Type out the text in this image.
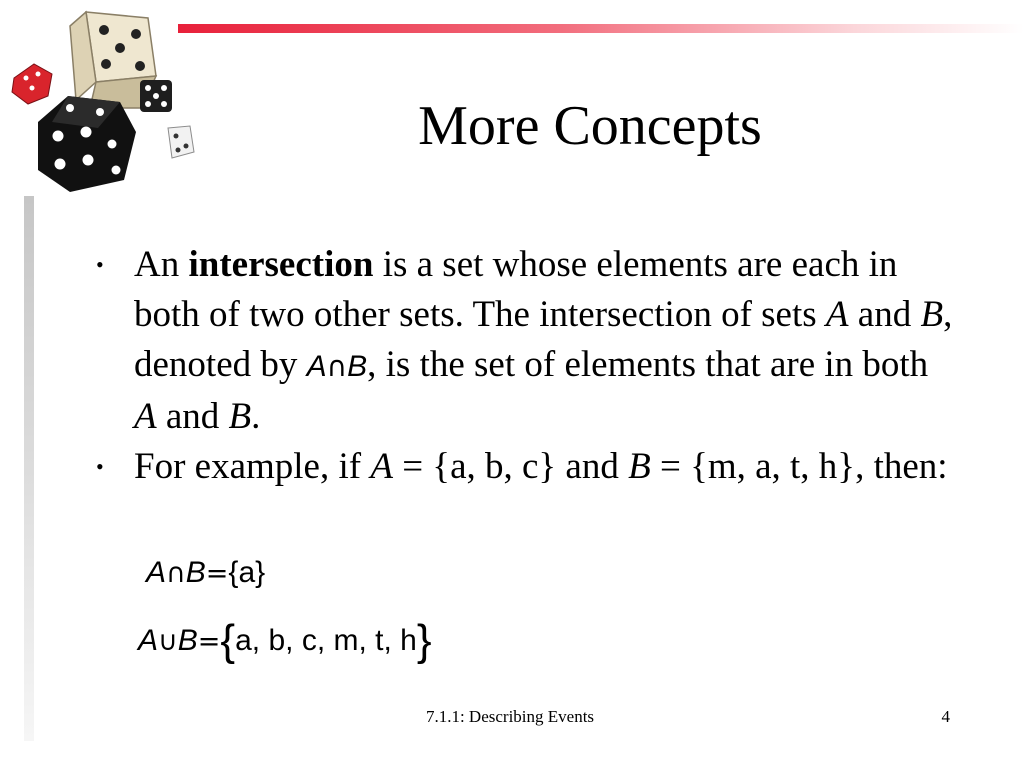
More Concepts
• An intersection is a set whose elements are each in both of two other sets. The intersection of sets A and B, denoted by A∩B, is the set of elements that are in both A and B.
• For example, if A = {a, b, c} and B = {m, a, t, h}, then:
A∩B={a}
A∪B={a, b, c, m, t, h}
7.1.1: Describing Events	4
